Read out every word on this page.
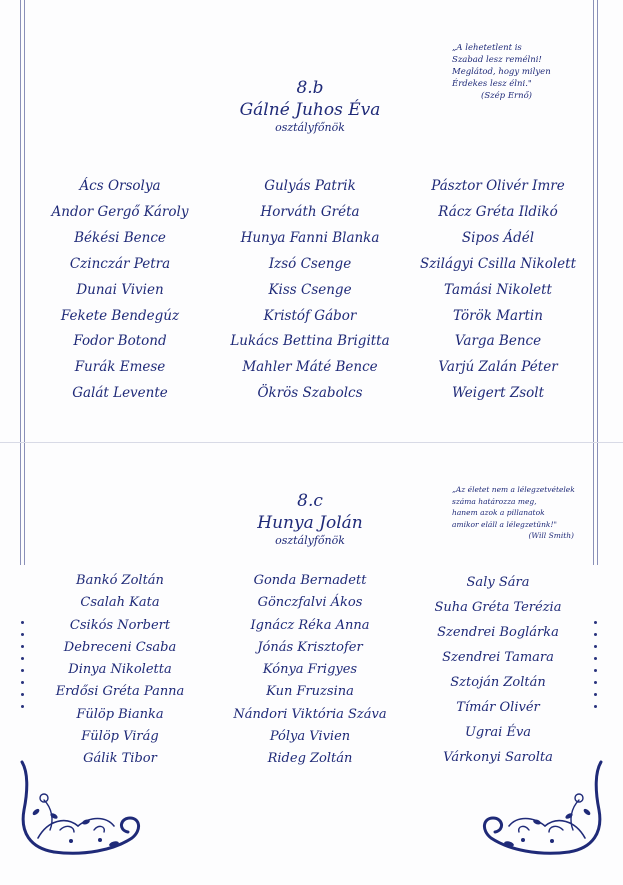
„A lehetetlent is
Szabad lesz remélni!
Meglátod, hogy milyen
Érdekes lesz élni."
(Szép Ernő)
8.b
Gálné Juhos Éva
osztályfőnök
Ács Orsolya
Andor Gergő Károly
Békési Bence
Czinczár Petra
Dunai Vivien
Fekete Bendegúz
Fodor Botond
Furák Emese
Galát Levente
Gulyás Patrik
Horváth Gréta
Hunya Fanni Blanka
Izsó Csenge
Kiss Csenge
Kristóf Gábor
Lukács Bettina Brigitta
Mahler Máté Bence
Ökrös Szabolcs
Pásztor Olivér Imre
Rácz Gréta Ildikó
Sipos Ádél
Szilágyi Csilla Nikolett
Tamási Nikolett
Török Martin
Varga Bence
Varjú Zalán Péter
Weigert Zsolt
„Az életet nem a lélegzetvételek
száma határozza meg,
hanem azok a pillanatok
amikor eláll a lélegzetünk!"
(Will Smith)
8.c
Hunya Jolán
osztályfőnök
Bankó Zoltán
Csalah Kata
Csikós Norbert
Debreceni Csaba
Dinya Nikoletta
Erdősi Gréta Panna
Fülöp Bianka
Fülöp Virág
Gálik Tibor
Gonda Bernadett
Gönczfalvi Ákos
Ignácz Réka Anna
Jónás Krisztofer
Kónya Frigyes
Kun Fruzsina
Nándori Viktória Száva
Pólya Vivien
Rideg Zoltán
Saly Sára
Suha Gréta Terézia
Szendrei Boglárka
Szendrei Tamara
Sztoján Zoltán
Tímár Olivér
Ugrai Éva
Várkonyi Sarolta
